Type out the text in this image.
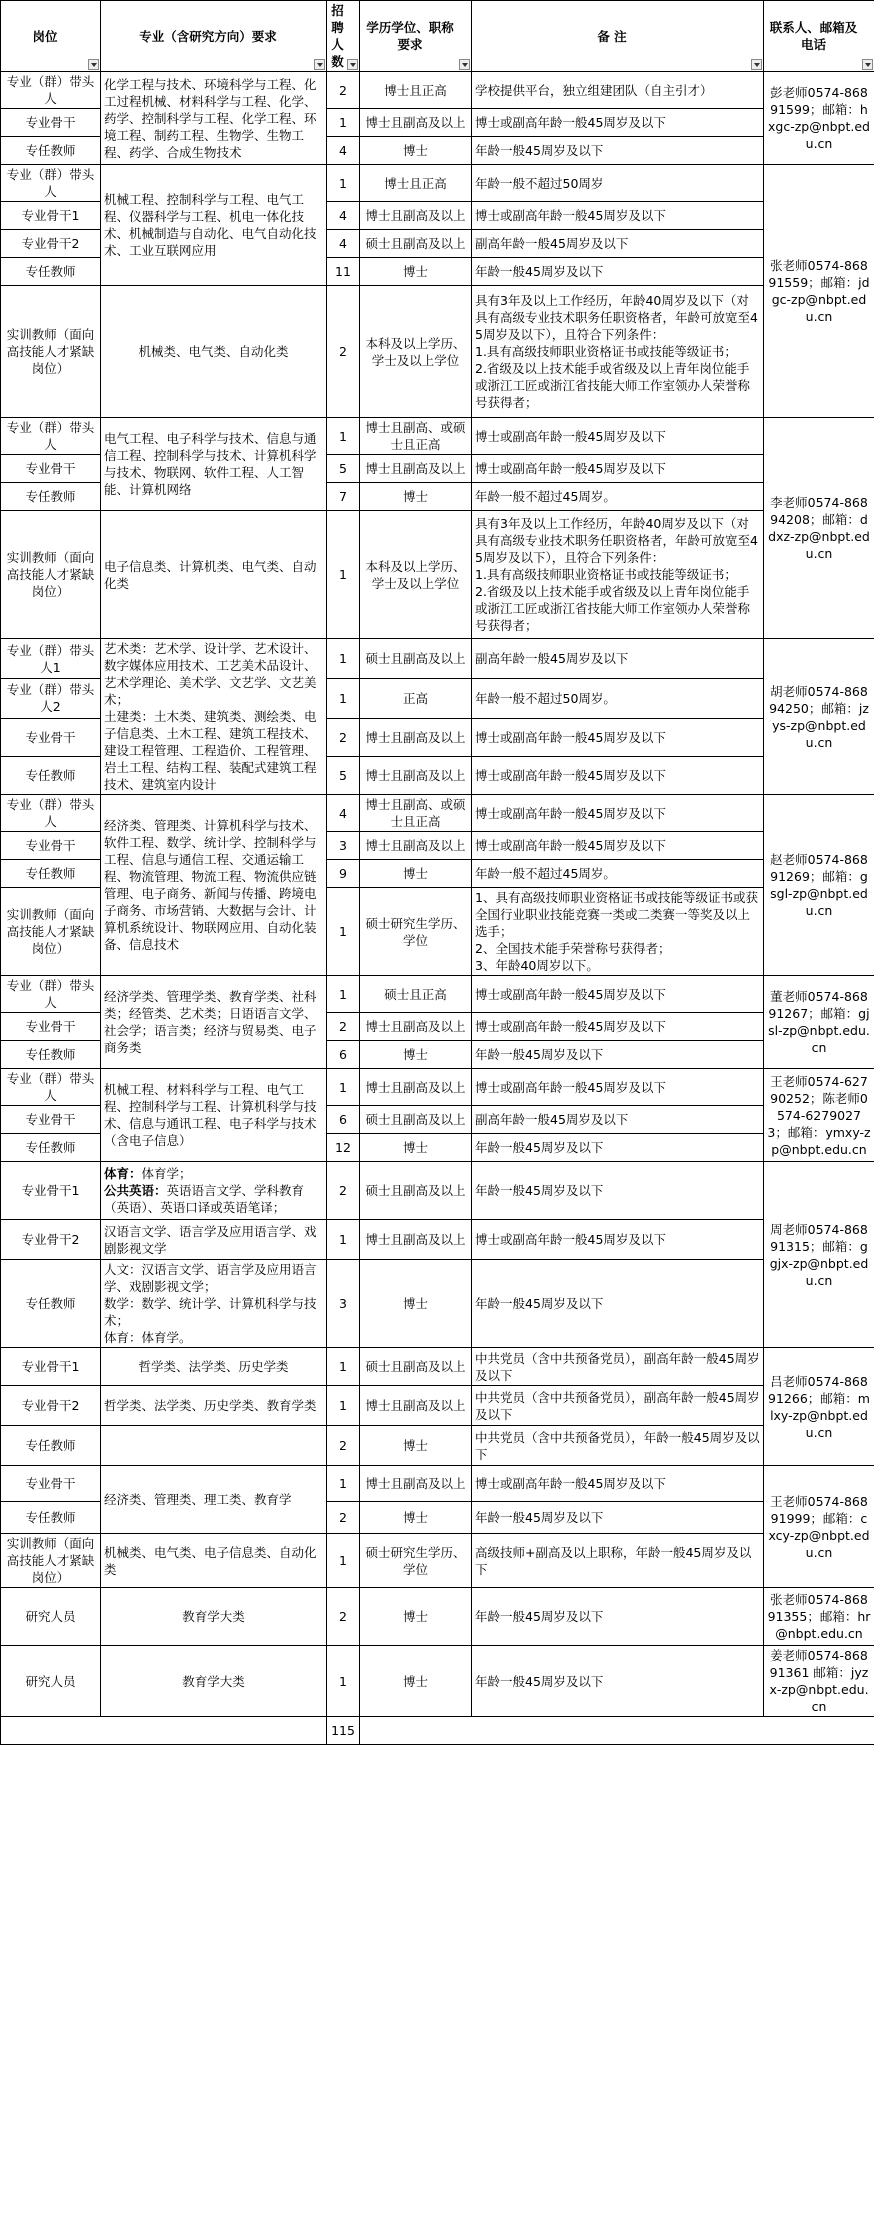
岗位	专业（含研究方向）要求	招聘人数	学历学位、职称要求	备 注	联系人、邮箱及电话

专业（群）带头人	化学工程与技术、环境科学与工程、化工过程机械、材料科学与工程、化学、药学、控制科学与工程、化学工程、环境工程、制药工程、生物学、生物工程、药学、合成生物技术	2	博士且正高	学校提供平台，独立组建团队（自主引才）	彭老师0574-86891599；邮箱：hxgc-zp@nbpt.edu.cn
专业骨干		1	博士且副高及以上	博士或副高年龄一般45周岁及以下	
专任教师		4	博士	年龄一般45周岁及以下	
专业（群）带头人	机械工程、控制科学与工程、电气工程、仪器科学与工程、机电一体化技术、机械制造与自动化、电气自动化技术、工业互联网应用	1	博士且正高	年龄一般不超过50周岁	张老师0574-86891559；邮箱：jdgc-zp@nbpt.edu.cn
专业骨干1		4	博士且副高及以上	博士或副高年龄一般45周岁及以下	
专业骨干2		4	硕士且副高及以上	副高年龄一般45周岁及以下	
专任教师		11	博士	年龄一般45周岁及以下	
实训教师（面向高技能人才紧缺岗位）	机械类、电气类、自动化类	2	本科及以上学历、学士及以上学位	具有3年及以上工作经历，年龄40周岁及以下（对具有高级专业技术职务任职资格者，年龄可放宽至45周岁及以下），且符合下列条件：
1.具有高级技师职业资格证书或技能等级证书；
2.省级及以上技术能手或省级及以上青年岗位能手或浙江工匠或浙江省技能大师工作室领办人荣誉称号获得者；	
专业（群）带头人	电气工程、电子科学与技术、信息与通信工程、控制科学与技术、计算机科学与技术、物联网、软件工程、人工智能、计算机网络	1	博士且副高、或硕士且正高	博士或副高年龄一般45周岁及以下	李老师0574-86894208；邮箱：ddxz-zp@nbpt.edu.cn
专业骨干		5	博士且副高及以上	博士或副高年龄一般45周岁及以下	
专任教师		7	博士	年龄一般不超过45周岁。	
实训教师（面向高技能人才紧缺岗位）	电子信息类、计算机类、电气类、自动化类	1	本科及以上学历、学士及以上学位	具有3年及以上工作经历，年龄40周岁及以下（对具有高级专业技术职务任职资格者，年龄可放宽至45周岁及以下），且符合下列条件：
1.具有高级技师职业资格证书或技能等级证书；
2.省级及以上技术能手或省级及以上青年岗位能手或浙江工匠或浙江省技能大师工作室领办人荣誉称号获得者；	
专业（群）带头人1	艺术类：艺术学、设计学、艺术设计、数字媒体应用技术、工艺美术品设计、艺术学理论、美术学、文艺学、文艺美术；
土建类：土木类、建筑类、测绘类、电子信息类、土木工程、建筑工程技术、建设工程管理、工程造价、工程管理、岩土工程、结构工程、装配式建筑工程技术、建筑室内设计	1	硕士且副高及以上	副高年龄一般45周岁及以下	胡老师0574-86894250；邮箱：jzys-zp@nbpt.edu.cn
专业（群）带头人2		1	正高	年龄一般不超过50周岁。	
专业骨干		2	博士且副高及以上	博士或副高年龄一般45周岁及以下	
专任教师		5	博士且副高及以上	博士或副高年龄一般45周岁及以下	
专业（群）带头人	经济类、管理类、计算机科学与技术、软件工程、数学、统计学、控制科学与工程、信息与通信工程、交通运输工程、物流管理、物流工程、物流供应链管理、电子商务、新闻与传播、跨境电子商务、市场营销、大数据与会计、计算机系统设计、物联网应用、自动化装备、信息技术	4	博士且副高、或硕士且正高	博士或副高年龄一般45周岁及以下	赵老师0574-86891269；邮箱：gsgl-zp@nbpt.edu.cn
专业骨干		3	博士且副高及以上	博士或副高年龄一般45周岁及以下	
专任教师		9	博士	年龄一般不超过45周岁。	
实训教师（面向高技能人才紧缺岗位）		1	硕士研究生学历、学位	1、具有高级技师职业资格证书或技能等级证书或获全国行业职业技能竞赛一类或二类赛一等奖及以上选手；
2、全国技术能手荣誉称号获得者；
3、年龄40周岁以下。	
专业（群）带头人	经济学类、管理学类、教育学类、社科类；经管类、艺术类；日语语言文学、社会学；语言类；经济与贸易类、电子商务类	1	硕士且正高	博士或副高年龄一般45周岁及以下	董老师0574-86891267；邮箱：gjsl-zp@nbpt.edu.cn
专业骨干		2	博士且副高及以上	博士或副高年龄一般45周岁及以下	
专任教师		6	博士	年龄一般45周岁及以下	
专业（群）带头人	机械工程、材料科学与工程、电气工程、控制科学与工程、计算机科学与技术、信息与通讯工程、电子科学与技术（含电子信息）	1	博士且副高及以上	博士或副高年龄一般45周岁及以下	王老师0574-62790252；陈老师0574-62790273；邮箱：ymxy-zp@nbpt.edu.cn
专业骨干		6	硕士且副高及以上	副高年龄一般45周岁及以下	
专任教师		12	博士	年龄一般45周岁及以下	
专业骨干1	体育：体育学；
公共英语：英语语言文学、学科教育（英语）、英语口译或英语笔译；	2	硕士且副高及以上	年龄一般45周岁及以下	周老师0574-86891315；邮箱：ggjx-zp@nbpt.edu.cn
专业骨干2	汉语言文学、语言学及应用语言学、戏剧影视文学	1	博士且副高及以上	博士或副高年龄一般45周岁及以下	
专任教师	人文：汉语言文学、语言学及应用语言学、戏剧影视文学；
数学：数学、统计学、计算机科学与技术；
体育：体育学。	3	博士	年龄一般45周岁及以下	
专业骨干1	哲学类、法学类、历史学类	1	硕士且副高及以上	中共党员（含中共预备党员），副高年龄一般45周岁及以下	吕老师0574-86891266；邮箱：mlxy-zp@nbpt.edu.cn
专业骨干2	哲学类、法学类、历史学类、教育学类	1	博士且副高及以上	中共党员（含中共预备党员），副高年龄一般45周岁及以下	
专任教师		2	博士	中共党员（含中共预备党员），年龄一般45周岁及以下	
专业骨干	经济类、管理类、理工类、教育学	1	博士且副高及以上	博士或副高年龄一般45周岁及以下	王老师0574-86891999；邮箱：cxcy-zp@nbpt.edu.cn
专任教师		2	博士	年龄一般45周岁及以下	
实训教师（面向高技能人才紧缺岗位）	机械类、电气类、电子信息类、自动化类	1	硕士研究生学历、学位	高级技师+副高及以上职称，年龄一般45周岁及以下	
研究人员	教育学大类	2	博士	年龄一般45周岁及以下	张老师0574-86891355；邮箱：hr@nbpt.edu.cn
研究人员	教育学大类	1	博士	年龄一般45周岁及以下	姜老师0574-86891361 邮箱：jyzx-zp@nbpt.edu.cn
		115			
